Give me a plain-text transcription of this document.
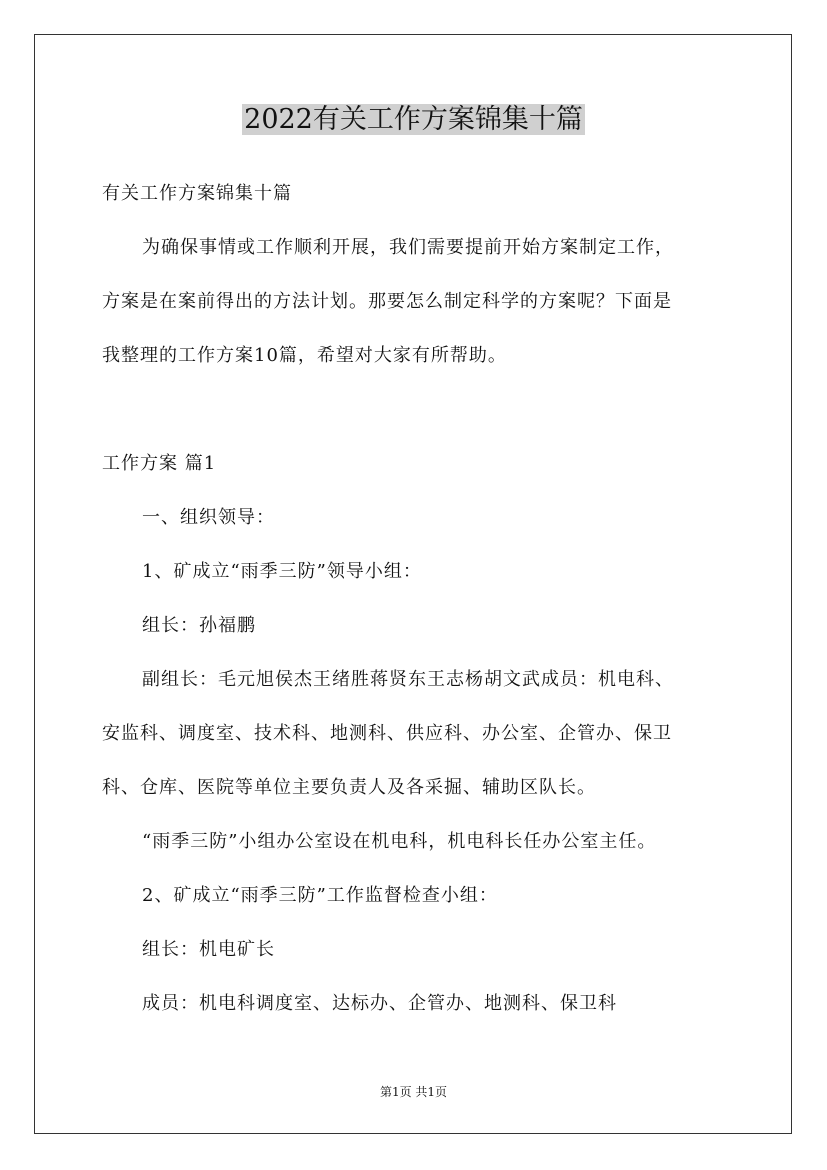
2022有关工作方案锦集十篇
有关工作方案锦集十篇
为确保事情或工作顺利开展，我们需要提前开始方案制定工作，
方案是在案前得出的方法计划。那要怎么制定科学的方案呢？下面是
我整理的工作方案10篇，希望对大家有所帮助。
工作方案 篇1
一、组织领导：
1、矿成立“雨季三防”领导小组：
组长：孙福鹏
副组长：毛元旭侯杰王绪胜蒋贤东王志杨胡文武成员：机电科、
安监科、调度室、技术科、地测科、供应科、办公室、企管办、保卫
科、仓库、医院等单位主要负责人及各采掘、辅助区队长。
“雨季三防”小组办公室设在机电科，机电科长任办公室主任。
2、矿成立“雨季三防”工作监督检查小组：
组长：机电矿长
成员：机电科调度室、达标办、企管办、地测科、保卫科
第1页 共1页
